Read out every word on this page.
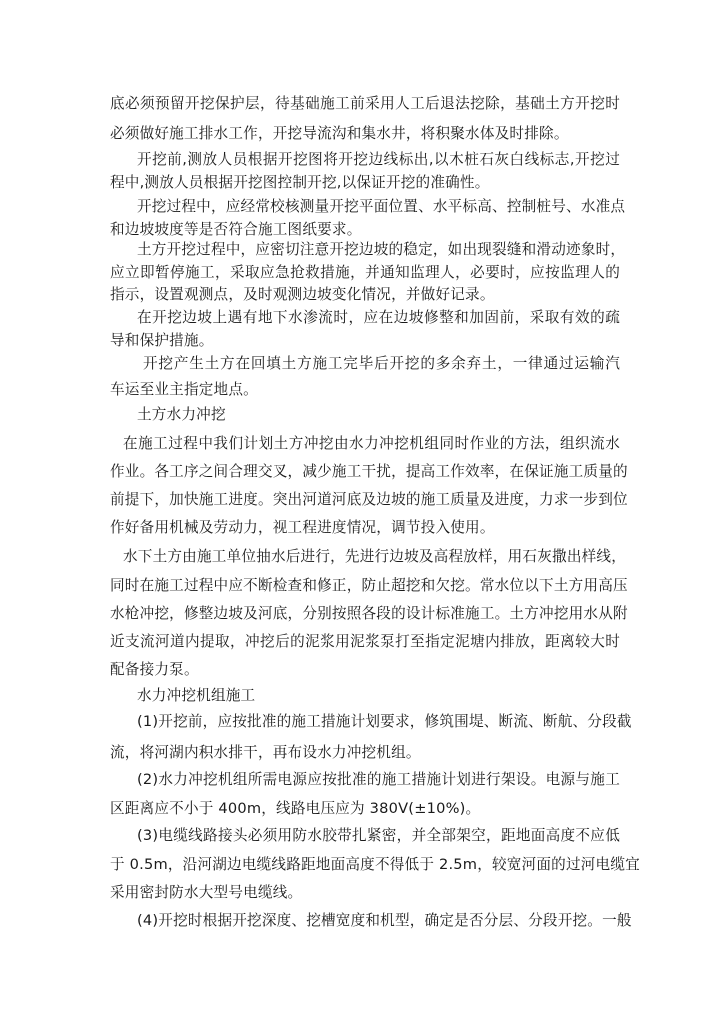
底必须预留开挖保护层，待基础施工前采用人工后退法挖除，基础土方开挖时
必须做好施工排水工作，开挖导流沟和集水井，将积聚水体及时排除。
开挖前,测放人员根据开挖图将开挖边线标出,以木桩石灰白线标志,开挖过
程中,测放人员根据开挖图控制开挖,以保证开挖的准确性。
开挖过程中，应经常校核测量开挖平面位置、水平标高、控制桩号、水准点
和边坡坡度等是否符合施工图纸要求。
土方开挖过程中，应密切注意开挖边坡的稳定，如出现裂缝和滑动迹象时，
应立即暂停施工，采取应急抢救措施，并通知监理人，必要时，应按监理人的
指示，设置观测点，及时观测边坡变化情况，并做好记录。
在开挖边坡上遇有地下水渗流时，应在边坡修整和加固前，采取有效的疏
导和保护措施。
开挖产生土方在回填土方施工完毕后开挖的多余弃土，一律通过运输汽
车运至业主指定地点。
土方水力冲挖
在施工过程中我们计划土方冲挖由水力冲挖机组同时作业的方法，组织流水
作业。各工序之间合理交叉，减少施工干扰，提高工作效率，在保证施工质量的
前提下，加快施工进度。突出河道河底及边坡的施工质量及进度，力求一步到位
作好备用机械及劳动力，视工程进度情况，调节投入使用。
水下土方由施工单位抽水后进行，先进行边坡及高程放样，用石灰撒出样线，
同时在施工过程中应不断检查和修正，防止超挖和欠挖。常水位以下土方用高压
水枪冲挖，修整边坡及河底，分别按照各段的设计标准施工。土方冲挖用水从附
近支流河道内提取，冲挖后的泥浆用泥浆泵打至指定泥塘内排放，距离较大时
配备接力泵。
水力冲挖机组施工
(1)开挖前，应按批准的施工措施计划要求，修筑围堤、断流、断航、分段截
流，将河湖内积水排干，再布设水力冲挖机组。
(2)水力冲挖机组所需电源应按批准的施工措施计划进行架设。电源与施工
区距离应不小于 400m，线路电压应为 380V(±10%)。
(3)电缆线路接头必须用防水胶带扎紧密，并全部架空，距地面高度不应低
于 0.5m，沿河湖边电缆线路距地面高度不得低于 2.5m，较宽河面的过河电缆宜
采用密封防水大型号电缆线。
(4)开挖时根据开挖深度、挖槽宽度和机型，确定是否分层、分段开挖。一般
